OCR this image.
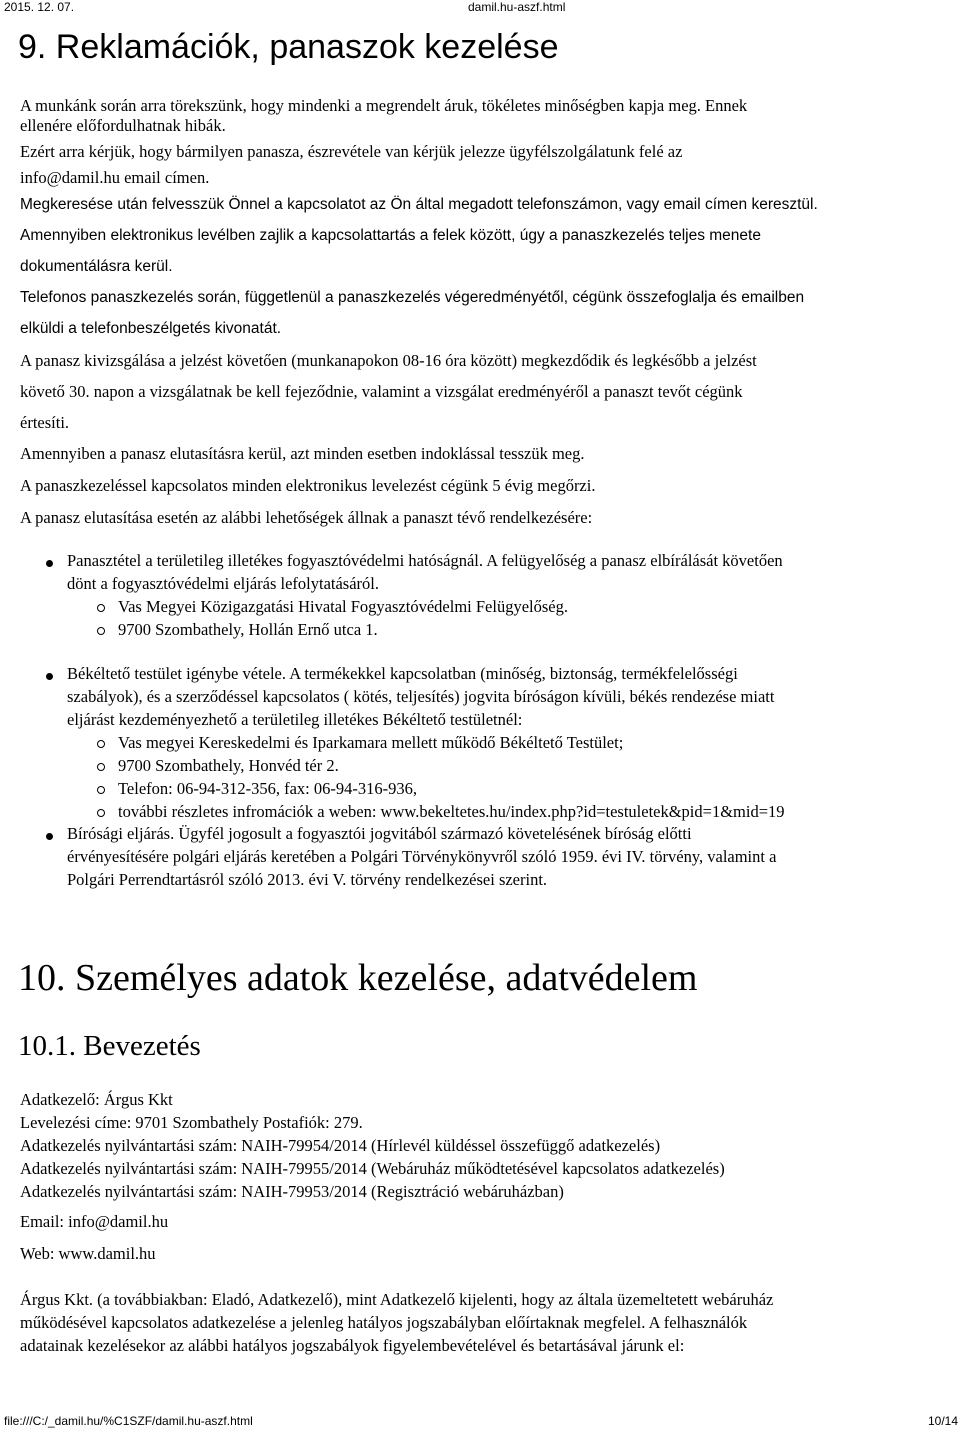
2015. 12. 07.	damil.hu-aszf.html
9. Reklamációk, panaszok kezelése
A munkánk során arra törekszünk, hogy mindenki a megrendelt áruk, tökéletes minőségben kapja meg. Ennek
ellenére előfordulhatnak hibák.
Ezért arra kérjük, hogy bármilyen panasza, észrevétele van kérjük jelezze ügyfélszolgálatunk felé az
info@damil.hu email címen.
Megkeresése után felvesszük Önnel a kapcsolatot az Ön által megadott telefonszámon, vagy email címen keresztül.
Amennyiben elektronikus levélben zajlik a kapcsolattartás a felek között, úgy a panaszkezelés teljes menete
dokumentálásra kerül.
Telefonos panaszkezelés során, függetlenül a panaszkezelés végeredményétől, cégünk összefoglalja és emailben
elküldi a telefonbeszélgetés kivonatát.
A panasz kivizsgálása a jelzést követően (munkanapokon 08-16 óra között) megkezdődik és legkésőbb a jelzést
követő 30. napon a vizsgálatnak be kell fejeződnie, valamint a vizsgálat eredményéről a panaszt tevőt cégünk
értesíti.
Amennyiben a panasz elutasításra kerül, azt minden esetben indoklással tesszük meg.
A panaszkezeléssel kapcsolatos minden elektronikus levelezést cégünk 5 évig megőrzi.
A panasz elutasítása esetén az alábbi lehetőségek állnak a panaszt tévő rendelkezésére:
Panasztétel a területileg illetékes fogyasztóvédelmi hatóságnál. A felügyelőség a panasz elbírálását követően
dönt a fogyasztóvédelmi eljárás lefolytatásáról.
Vas Megyei Közigazgatási Hivatal Fogyasztóvédelmi Felügyelőség.
9700 Szombathely, Hollán Ernő utca 1.
Békéltető testület igénybe vétele. A termékekkel kapcsolatban (minőség, biztonság, termékfelelősségi
szabályok), és a szerződéssel kapcsolatos ( kötés, teljesítés) jogvita bíróságon kívüli, békés rendezése miatt
eljárást kezdeményezhető a területileg illetékes Békéltető testületnél:
Vas megyei Kereskedelmi és Iparkamara mellett működő Békéltető Testület;
9700 Szombathely, Honvéd tér 2.
Telefon: 06-94-312-356, fax: 06-94-316-936,
további részletes infromációk a weben: www.bekeltetes.hu/index.php?id=testuletek&pid=1&mid=19
Bírósági eljárás. Ügyfél jogosult a fogyasztói jogvitából származó követelésének bíróság előtti
érvényesítésére polgári eljárás keretében a Polgári Törvénykönyvről szóló 1959. évi IV. törvény, valamint a
Polgári Perrendtartásról szóló 2013. évi V. törvény rendelkezései szerint.
10. Személyes adatok kezelése, adatvédelem
10.1. Bevezetés
Adatkezelő: Árgus Kkt
Levelezési címe: 9701 Szombathely Postafiók: 279.
Adatkezelés nyilvántartási szám: NAIH-79954/2014 (Hírlevél küldéssel összefüggő adatkezelés)
Adatkezelés nyilvántartási szám: NAIH-79955/2014 (Webáruház működtetésével kapcsolatos adatkezelés)
Adatkezelés nyilvántartási szám: NAIH-79953/2014 (Regisztráció webáruházban)
Email: info@damil.hu
Web: www.damil.hu
Árgus Kkt. (a továbbiakban: Eladó, Adatkezelő), mint Adatkezelő kijelenti, hogy az általa üzemeltetett webáruház
működésével kapcsolatos adatkezelése a jelenleg hatályos jogszabályban előírtaknak megfelel. A felhasználók
adatainak kezelésekor az alábbi hatályos jogszabályok figyelembevételével és betartásával járunk el:
file:///C:/_damil.hu/%C1SZF/damil.hu-aszf.html	10/14
